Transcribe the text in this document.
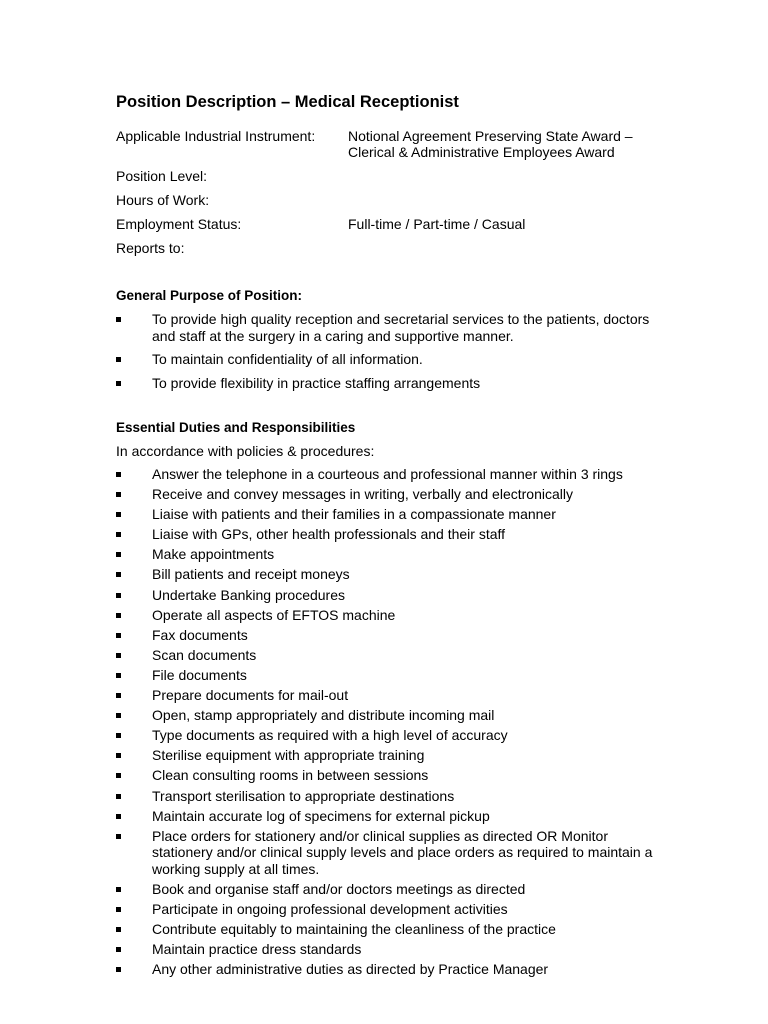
Position Description – Medical Receptionist
Applicable Industrial Instrument:	Notional Agreement Preserving State Award – Clerical & Administrative Employees Award
Position Level:
Hours of Work:
Employment Status:	Full-time / Part-time / Casual
Reports to:
General Purpose of Position:
To provide high quality reception and secretarial services to the patients, doctors and staff at the surgery in a caring and supportive manner.
To maintain confidentiality of all information.
To provide flexibility in practice staffing arrangements
Essential Duties and Responsibilities

In accordance with policies & procedures:

Answer the telephone in a courteous and professional manner within 3 rings
Receive and convey messages in writing, verbally and electronically
Liaise with patients and their families in a compassionate manner
Liaise with GPs, other health professionals and their staff
Make appointments
Bill patients and receipt moneys
Undertake Banking procedures
Operate all aspects of EFTOS machine
Fax documents
Scan documents
File documents
Prepare documents for mail-out
Open, stamp appropriately and distribute incoming mail
Type documents as required with a high level of accuracy
Sterilise equipment with appropriate training
Clean consulting rooms in between sessions
Transport sterilisation to appropriate destinations
Maintain accurate log of specimens for external pickup
Place orders for stationery and/or clinical supplies as directed OR Monitor stationery and/or clinical supply levels and place orders as required to maintain a working supply at all times.
Book and organise staff and/or doctors meetings as directed
Participate in ongoing professional development activities
Contribute equitably to maintaining the cleanliness of the practice
Maintain practice dress standards
Any other administrative duties as directed by Practice Manager
